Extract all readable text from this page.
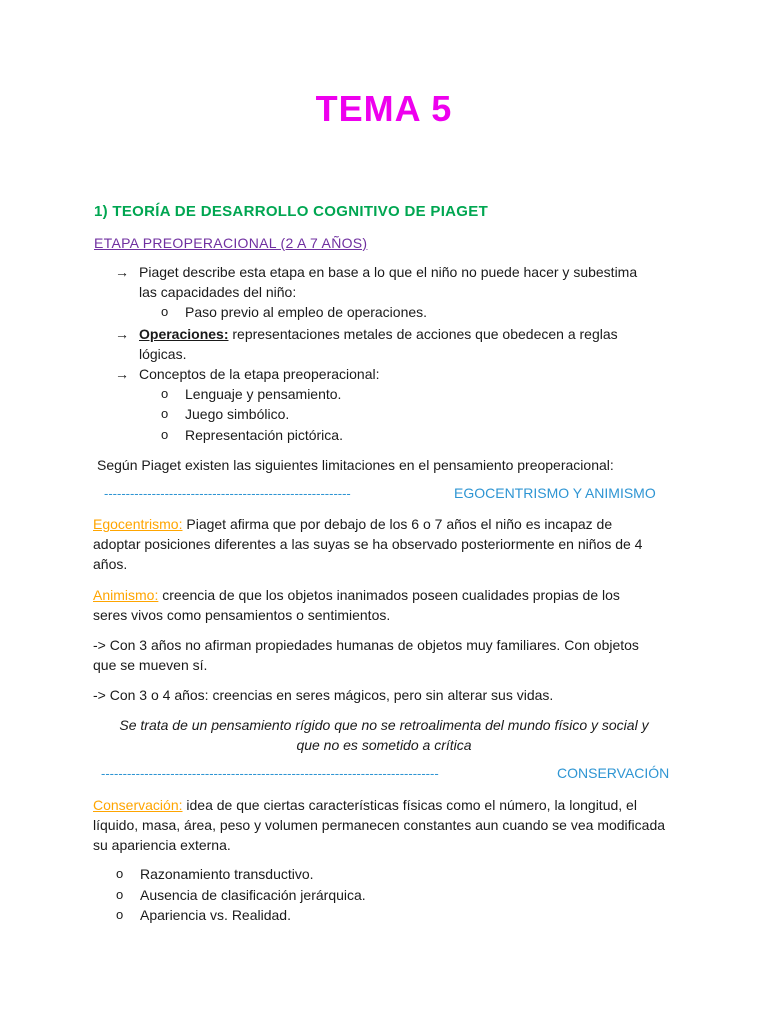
TEMA 5
1) TEORÍA DE DESARROLLO COGNITIVO DE PIAGET
ETAPA PREOPERACIONAL (2 A 7 AÑOS)
→ Piaget describe esta etapa en base a lo que el niño no puede hacer y subestima
las capacidades del niño:
o Paso previo al empleo de operaciones.
→ Operaciones: representaciones metales de acciones que obedecen a reglas
lógicas.
→ Conceptos de la etapa preoperacional:
o Lenguaje y pensamiento.
o Juego simbólico.
o Representación pictórica.
Según Piaget existen las siguientes limitaciones en el pensamiento preoperacional:
---------------------------------------------------------	EGOCENTRISMO Y ANIMISMO
Egocentrismo: Piaget afirma que por debajo de los 6 o 7 años el niño es incapaz de
adoptar posiciones diferentes a las suyas se ha observado posteriormente en niños de 4
años.
Animismo: creencia de que los objetos inanimados poseen cualidades propias de los
seres vivos como pensamientos o sentimientos.
-> Con 3 años no afirman propiedades humanas de objetos muy familiares. Con objetos
que se mueven sí.
-> Con 3 o 4 años: creencias en seres mágicos, pero sin alterar sus vidas.
Se trata de un pensamiento rígido que no se retroalimenta del mundo físico y social y
que no es sometido a crítica
------------------------------------------------------------------------------	CONSERVACIÓN
Conservación: idea de que ciertas características físicas como el número, la longitud, el
líquido, masa, área, peso y volumen permanecen constantes aun cuando se vea modificada
su apariencia externa.
o Razonamiento transductivo.
o Ausencia de clasificación jerárquica.
o Apariencia vs. Realidad.
